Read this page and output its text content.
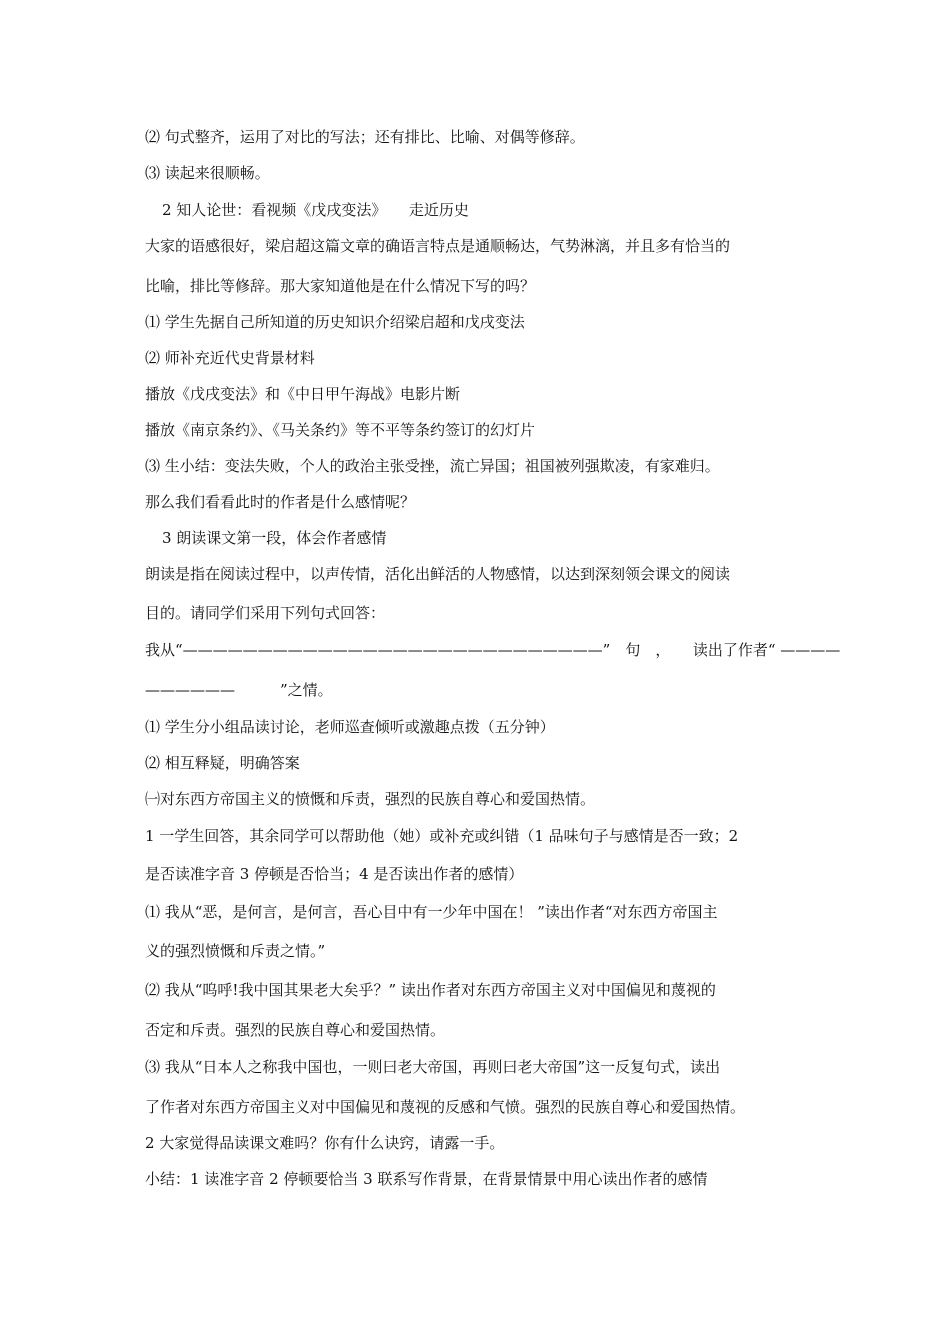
⑵ 句式整齐，运用了对比的写法；还有排比、比喻、对偶等修辞。
⑶ 读起来很顺畅。
2 知人论世：看视频《戊戌变法》　　走近历史
大家的语感很好，梁启超这篇文章的确语言特点是通顺畅达，气势淋漓，并且多有恰当的
比喻，排比等修辞。那大家知道他是在什么情况下写的吗？
⑴ 学生先据自己所知道的历史知识介绍梁启超和戊戌变法
⑵ 师补充近代史背景材料
播放《戊戌变法》和《中日甲午海战》电影片断
播放《南京条约》、《马关条约》等不平等条约签订的幻灯片
⑶ 生小结：变法失败，个人的政治主张受挫，流亡异国；祖国被列强欺凌，有家难归。
那么我们看看此时的作者是什么感情呢？
3 朗读课文第一段，体会作者感情
朗读是指在阅读过程中，以声传情，活化出鲜活的人物感情，以达到深刻领会课文的阅读
目的。请同学们采用下列句式回答：
我从“————————————————————————————”　句　，　　读出了作者“ ————
——————　　　”之情。
⑴ 学生分小组品读讨论，老师巡查倾听或激趣点拨（五分钟）
⑵ 相互释疑，明确答案
㈠对东西方帝国主义的愤慨和斥责，强烈的民族自尊心和爱国热情。
1 一学生回答，其余同学可以帮助他（她）或补充或纠错（1 品味句子与感情是否一致；2
是否读准字音 3 停顿是否恰当；4 是否读出作者的感情）
⑴ 我从“恶，是何言，是何言，吾心目中有一少年中国在！ ”读出作者“对东西方帝国主
义的强烈愤慨和斥责之情。”
⑵ 我从“呜呼!我中国其果老大矣乎？” 读出作者对东西方帝国主义对中国偏见和蔑视的
否定和斥责。强烈的民族自尊心和爱国热情。
⑶ 我从“日本人之称我中国也，一则曰老大帝国，再则曰老大帝国”这一反复句式，读出
了作者对东西方帝国主义对中国偏见和蔑视的反感和气愤。强烈的民族自尊心和爱国热情。
2 大家觉得品读课文难吗？你有什么诀窍，请露一手。
小结：1 读准字音 2 停顿要恰当 3 联系写作背景，在背景情景中用心读出作者的感情
